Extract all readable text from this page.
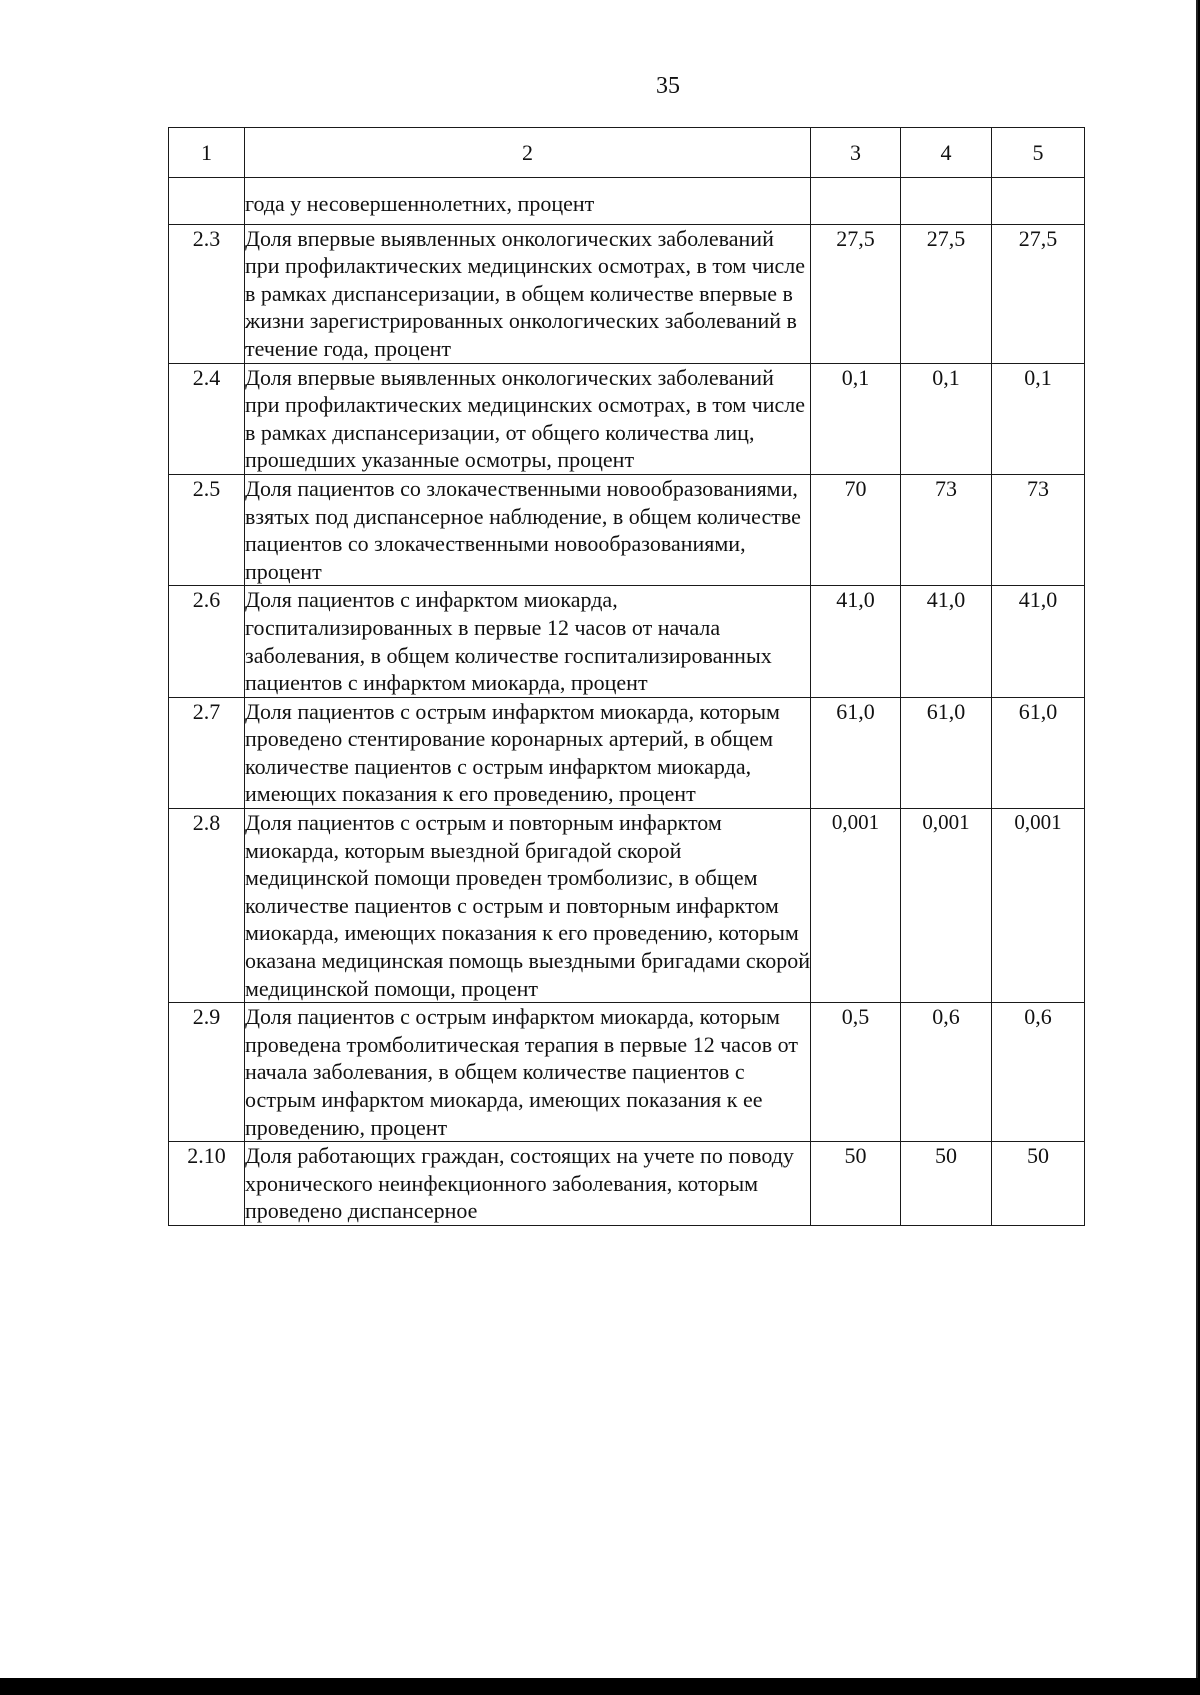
35
1	2	3	4	5
	года у несовершеннолетних, процент			
2.3	Доля впервые выявленных онкологических заболеваний при профилактических медицинских осмотрах, в том числе в рамках диспансеризации, в общем количестве впервые в жизни зарегистрированных онкологических заболеваний в течение года, процент	27,5	27,5	27,5
2.4	Доля впервые выявленных онкологических заболеваний при профилактических медицинских осмотрах, в том числе в рамках диспансеризации, от общего количества лиц, прошедших указанные осмотры, процент	0,1	0,1	0,1
2.5	Доля пациентов со злокачественными новообразованиями, взятых под диспансерное наблюдение, в общем количестве пациентов со злокачественными новообразованиями, процент	70	73	73
2.6	Доля пациентов с инфарктом миокарда, госпитализированных в первые 12 часов от начала заболевания, в общем количестве госпитализированных пациентов с инфарктом миокарда, процент	41,0	41,0	41,0
2.7	Доля пациентов с острым инфарктом миокарда, которым проведено стентирование коронарных артерий, в общем количестве пациентов с острым инфарктом миокарда, имеющих показания к его проведению, процент	61,0	61,0	61,0
2.8	Доля пациентов с острым и повторным инфарктом миокарда, которым выездной бригадой скорой медицинской помощи проведен тромболизис, в общем количестве пациентов с острым и повторным инфарктом миокарда, имеющих показания к его проведению, которым оказана медицинская помощь выездными бригадами скорой медицинской помощи, процент	0,001	0,001	0,001
2.9	Доля пациентов с острым инфарктом миокарда, которым проведена тромболитическая терапия в первые 12 часов от начала заболевания, в общем количестве пациентов с острым инфарктом миокарда, имеющих показания к ее проведению, процент	0,5	0,6	0,6
2.10	Доля работающих граждан, состоящих на учете по поводу хронического неинфекционного заболевания, которым проведено диспансерное	50	50	50
